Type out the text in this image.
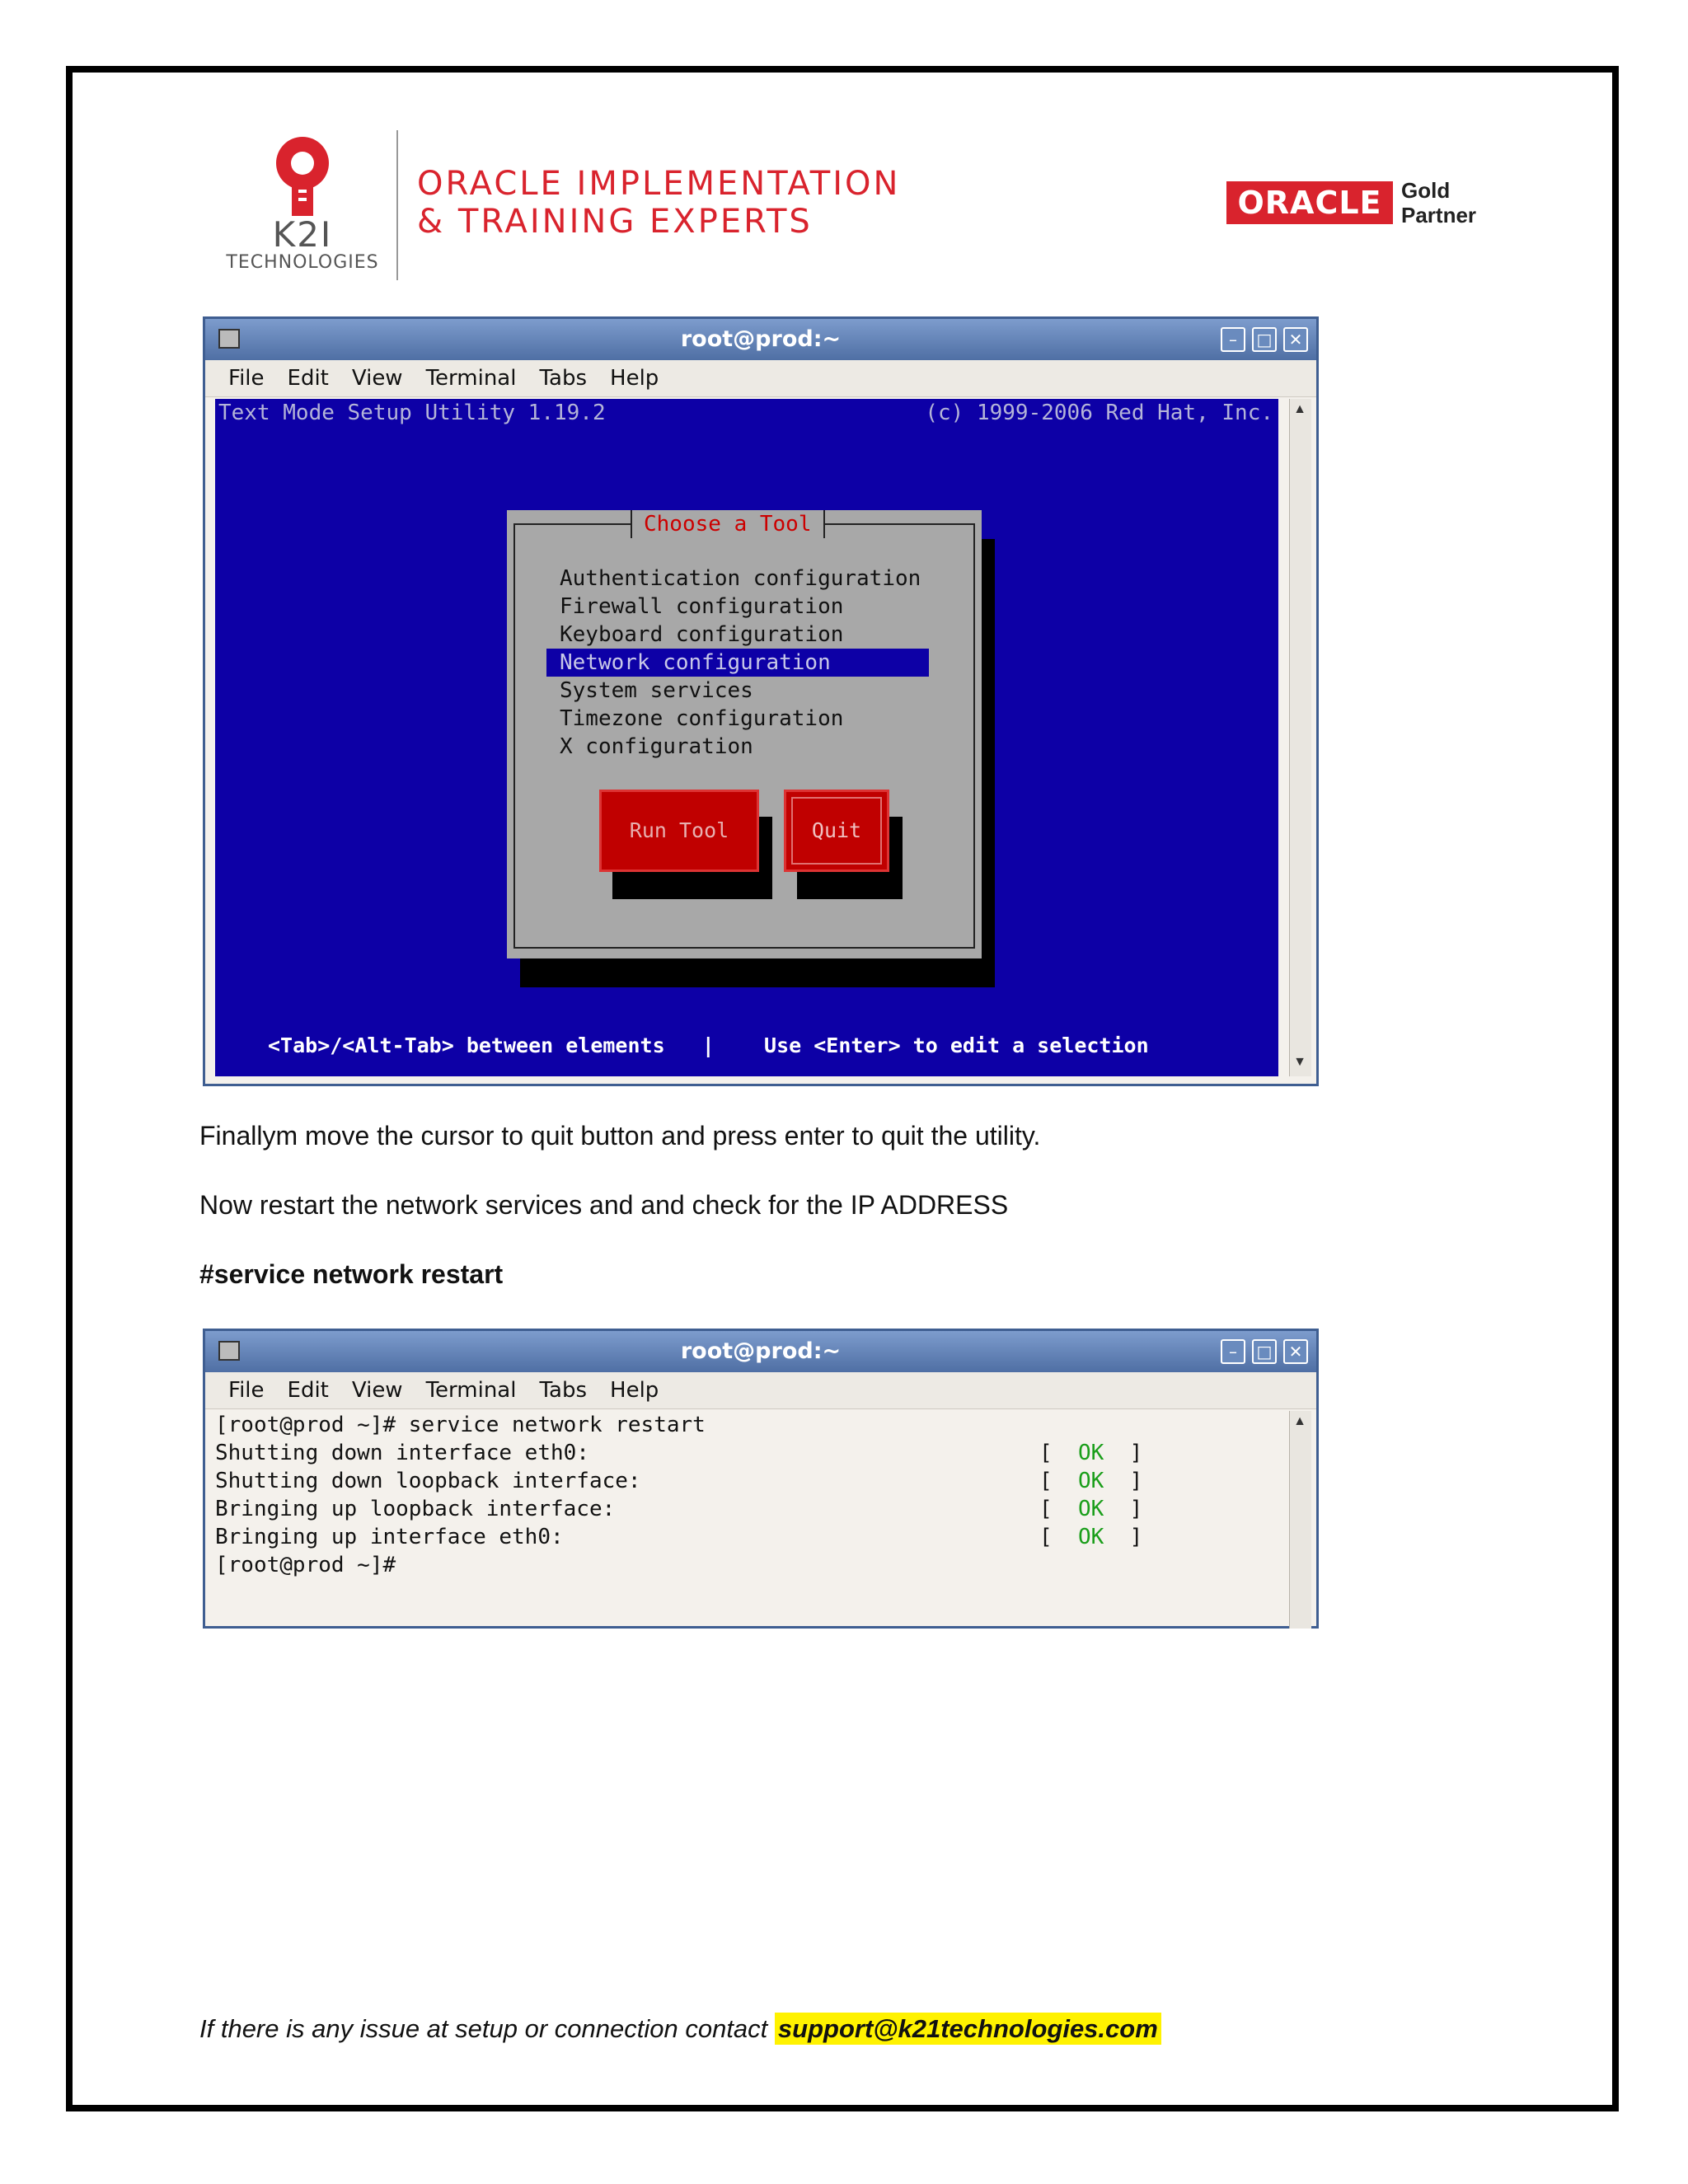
K2I
TECHNOLOGIES
ORACLE IMPLEMENTATION
& TRAINING EXPERTS	ORACLE Gold
Partner
root@prod:~	–	□	✕
File Edit View Terminal Tabs Help
Text Mode Setup Utility 1.19.2	(c) 1999-2006 Red Hat, Inc.
Choose a Tool
Authentication configuration
Firewall configuration
Keyboard configuration
Network configuration
System services
Timezone configuration
X configuration
Run Tool	Quit
<Tab>/<Alt-Tab> between elements   |    Use <Enter> to edit a selection
▲
▼
Finallym move the cursor to quit button and press enter to quit the utility.
Now restart the network services and and check for the IP ADDRESS
#service network restart
root@prod:~	–	□	✕
File Edit View Terminal Tabs Help
[root@prod ~]# service network restart
Shutting down interface eth0:	[  OK  ]
Shutting down loopback interface:	[  OK  ]
Bringing up loopback interface:	[  OK  ]
Bringing up interface eth0:	[  OK  ]
[root@prod ~]#
▲
If there is any issue at setup or connection contact support@k21technologies.com
